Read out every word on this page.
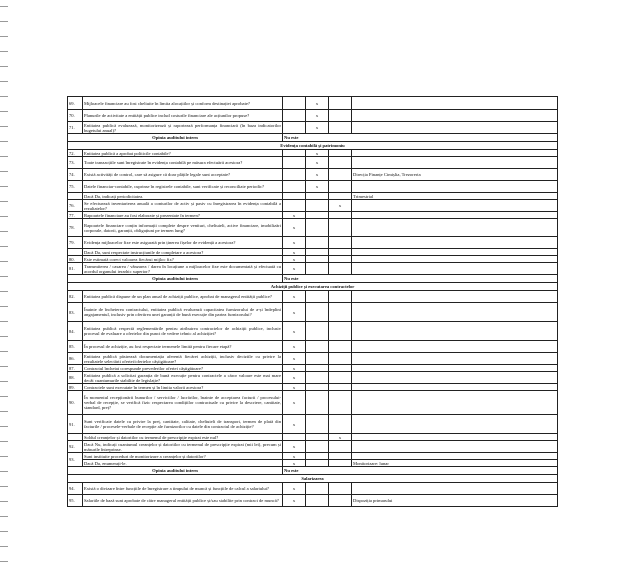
69.	Mijloacele financiare au fost cheltuite în limita alocațiilor și conform destinației aprobate?		x		
70.	Planurile de activitate a entității publice includ costurile financiare ale acțiunilor propuse?		x		
71.	Entitatea publică evaluează, monitorizează și raportează performanța financiară (în baza indicatorilor bugetului anual)?		x		
Opinia auditului intern		Nu este			
Evidența contabilă și patrimoniu					
72.	Entitatea publică a aprobat politicile contabile?		x		
73.	Toate tranzacțiile sunt înregistrate în evidența contabilă pe măsura efectuării acestora?		x		
74.	Există activități de control, care să asigure că doar plățile legale sunt acceptate?		x		Direcția Finanțe Cimișlia, Trezoreria
75.	Datele financiar-contabile, cuprinse în registrele contabile, sunt verificate și reconciliate periodic?		x		
	Dacă Da, indicați periodicitatea.				Trimestrial
76.	Se efectuează inventarierea anuală a conturilor de activ și pasiv cu înregistrarea în evidența contabilă a rezultatelor?			x	
77.	Rapoartele financiare au fost elaborate și prezentate în termen?	x			
78.	Rapoartele financiare conțin informații complete despre venituri, cheltuieli, active financiare, imobilizări corporale, datorii, garanții, obligațiuni pe termen lung?	x			
79.	Evidența mijloacelor fixe este asigurată prin ținerea fișelor de evidență a acestora?	x			
	Dacă Da, sunt respectate instrucțiunile de completare a acestora?	x			
80.	Este estimată corect valoarea fiecărui mijloc fix?	x			
81.	Transmiterea / casarea / vânzarea / darea în locațiune a mijloacelor fixe este documentată și efectuată cu acordul organului ierarhic superior?	x			
Opinia auditului intern		Nu este			
Achiziții publice și executarea contractelor					
82.	Entitatea publică dispune de un plan anual de achiziții publice, aprobat de managerul entității publice?	x			
83.	Înainte de încheierea contractului, entitatea publică evaluează capacitatea furnizorului de a-și îndeplini angajamentul, inclusiv prin ofertirea unei garanții de bună execuție din partea furnizorului?	x			
84.	Entitatea publică respectă reglementările pentru atribuirea contractelor de achiziții publice, inclusiv procesul de evaluare a ofertelor din punct de vedere tehnic al achiziției?	x			
85.	În procesul de achiziție, au fost respectate termenele limită pentru fiecare etapă?	x			
86.	Entitatea publică păstrează documentația aferentă fiecărei achiziții, inclusiv deciziile cu privire la rezultatele selectării ofertei/ofertelor câștigătoare?	x			
87.	Contractul încheiat corespunde prevederilor ofertei câștigătoare?	x			
88.	Entitatea publică a solicitat garanția de bună execuție pentru contractele a căror valoare este mai mare decât cuantumurile stabilite de legislație?	x			
89.	Contractele sunt executate în termen și în limita valorii acestora?	x			
90.	În momentul recepționării bunurilor / serviciilor / lucrărilor, înainte de acceptarea facturii / procesului-verbal de recepție, se verifică fizic respectarea condițiilor contractuale cu privire la descriere, cantitate, standard, preț?	x			
91.	Sunt verificate datele cu privire la preț, cantitate, calitate, cheltuieli de transport, termen de plată din facturile / procesele-verbale de recepție ale furnizorilor cu datele din contractul de achiziție?	x			
	Soldul creanțelor și datoriilor cu termenul de prescripție expirat este nul?			x	
92.	Dacă Nu, indicați cuantumul creanțelor și datoriilor cu termenul de prescripție expirat (mii lei), precum și măsurile întreprinse.	x			
93.	Sunt instituite proceduri de monitorizare a creanțelor și datoriilor?	x			
	Dacă Da, enumerați-le.	x			Monitorizare: lunar
Opinia auditului intern		Nu este			
Salarizarea					
94.	Există o divizare între funcțiile de înregistrare a timpului de muncă și funcțiile de calcul a salariului?	x			
95.	Salariile de bază sunt aprobate de către managerul entității publice și/sau stabilite prin contract de muncă?	x			Dispoziția primarului
